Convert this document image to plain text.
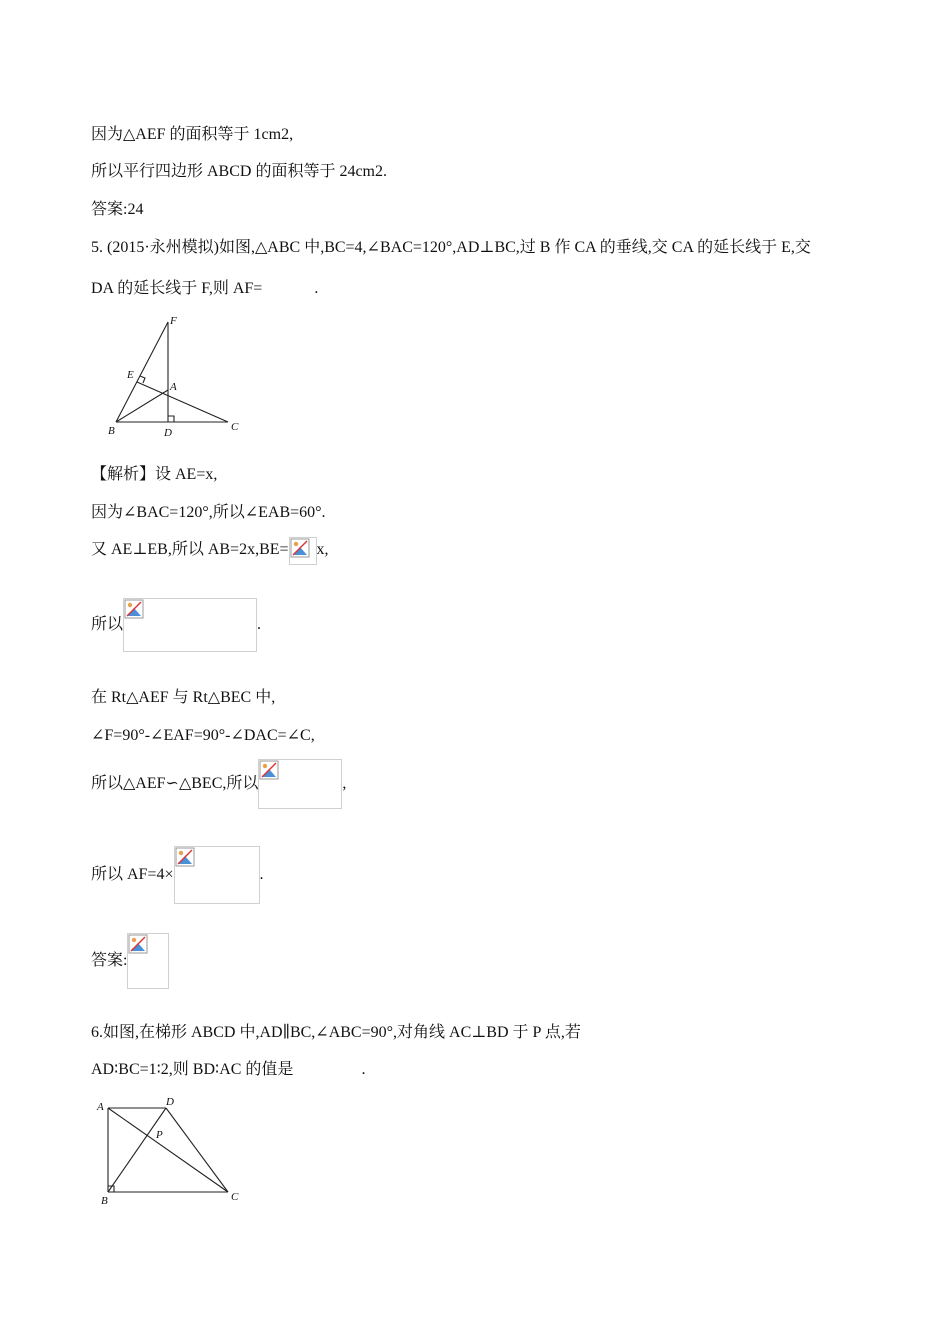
因为△AEF 的面积等于 1cm2,
所以平行四边形 ABCD 的面积等于 24cm2.
答案:24
5. (2015·永州模拟)如图,△ABC 中,BC=4,∠BAC=120°,AD⊥BC,过 B 作 CA 的垂线,交 CA 的延长线于 E,交
DA 的延长线于 F,则 AF=	.
F
E
A
B	D	C
【解析】设 AE=x,
因为∠BAC=120°,所以∠EAB=60°.
又 AE⊥EB,所以 AB=2x,BE= x,
所以	.
在 Rt△AEF 与 Rt△BEC 中,
∠F=90°-∠EAF=90°-∠DAC=∠C,
所以△AEF∽△BEC,所以	,
所以 AF=4×	.
答案:
6.如图,在梯形 ABCD 中,AD∥BC,∠ABC=90°,对角线 AC⊥BD 于 P 点,若
AD∶BC=1∶2,则 BD∶AC 的值是	.
A	D
P
B	C
